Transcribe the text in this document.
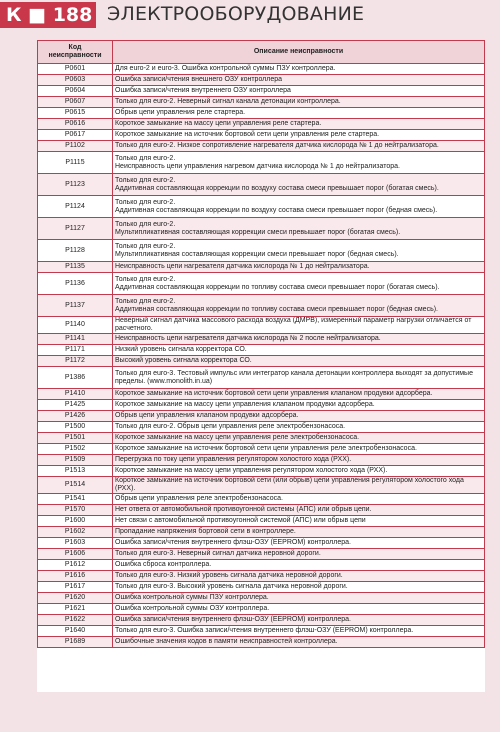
К ■ 188 ЭЛЕКТРООБОРУДОВАНИЕ
Код
неисправности	Описание неисправности
P0601	Для euro-2 и euro-3. Ошибка контрольной суммы ПЗУ контроллера.
P0603	Ошибка записи/чтения внешнего ОЗУ контроллера
P0604	Ошибка записи/чтения внутреннего ОЗУ контроллера
P0607	Только для euro-2. Неверный сигнал канала детонации контроллера.
P0615	Обрыв цепи управления реле стартера.
P0616	Короткое замыкание на массу цепи управления реле стартера.
P0617	Короткое замыкание на источник бортовой сети цепи управления реле стартера.
P1102	Только для euro-2. Низкое сопротивление нагревателя датчика кислорода № 1 до нейтрализатора.
P1115	Только для euro-2.
Неисправность цепи управления нагревом датчика кислорода № 1 до нейтрализатора.
P1123	Только для euro-2.
Аддитивная составляющая коррекции по воздуху состава смеси превышает порог (богатая смесь).
P1124	Только для euro-2.
Аддитивная составляющая коррекции по воздуху состава смеси превышает порог (бедная смесь).
P1127	Только для euro-2.
Мультипликативная составляющая коррекции смеси превышает порог (богатая смесь).
P1128	Только для euro-2.
Мультипликативная составляющая коррекции смеси превышает порог (бедная смесь).
P1135	Неисправность цепи нагревателя датчика кислорода № 1 до нейтрализатора.
P1136	Только для euro-2.
Аддитивная составляющая коррекции по топливу состава смеси превышает порог (богатая смесь).
P1137	Только для euro-2.
Аддитивная составляющая коррекции по топливу состава смеси превышает порог (бедная смесь).
P1140	Неверный сигнал датчика массового расхода воздуха (ДМРВ), измеренный параметр нагрузки отличается от расчетного.
P1141	Неисправность цепи нагревателя датчика кислорода № 2 после нейтрализатора.
P1171	Низкий уровень сигнала корректора СО.
P1172	Высокий уровень сигнала корректора СО.
P1386	Только для euro-3. Тестовый импульс или интегратор канала детонации контроллера выходят за допустимые пределы. (www.monolith.in.ua)
P1410	Короткое замыкание на источник бортовой сети цепи управления клапаном продувки адсорбера.
P1425	Короткое замыкание на массу цепи управления клапаном продувки адсорбера.
P1426	Обрыв цепи управления клапаном продувки адсорбера.
P1500	Только для euro-2. Обрыв цепи управления реле электробензонасоса.
P1501	Короткое замыкание на массу цепи управления реле электробензонасоса.
P1502	Короткое замыкание на источник бортовой сети цепи управления реле электробензонасоса.
P1509	Перегрузка по току цепи управления регулятором холостого хода (РХХ).
P1513	Короткое замыкание на массу цепи управления регулятором холостого хода (РХХ).
P1514	Короткое замыкание на источник бортовой сети (или обрыв) цепи управления регулятором холостого хода (РХХ).
P1541	Обрыв цепи управления реле электробензонасоса.
P1570	Нет ответа от автомобильной противоугонной системы (АПС) или обрыв цепи.
P1600	Нет связи с автомобильной противоугонной системой (АПС) или обрыв цепи
P1602	Пропадание напряжения бортовой сети в контроллере.
P1603	Ошибка записи/чтения внутреннего флэш-ОЗУ (EEPROM) контроллера.
P1606	Только для euro-3. Неверный сигнал датчика неровной дороги.
P1612	Ошибка сброса контроллера.
P1616	Только для euro-3. Низкий уровень сигнала датчика неровной дороги.
P1617	Только для euro-3. Высокий уровень сигнала датчика неровной дороги.
P1620	Ошибка контрольной суммы ПЗУ контроллера.
P1621	Ошибка контрольной суммы ОЗУ контроллера.
P1622	Ошибка записи/чтения внутреннего флэш-ОЗУ (EEPROM) контроллера.
P1640	Только для euro-3. Ошибка записи/чтения внутреннего флэш-ОЗУ (EEPROM) контроллера.
P1689	Ошибочные значения кодов в памяти неисправностей контроллера.
